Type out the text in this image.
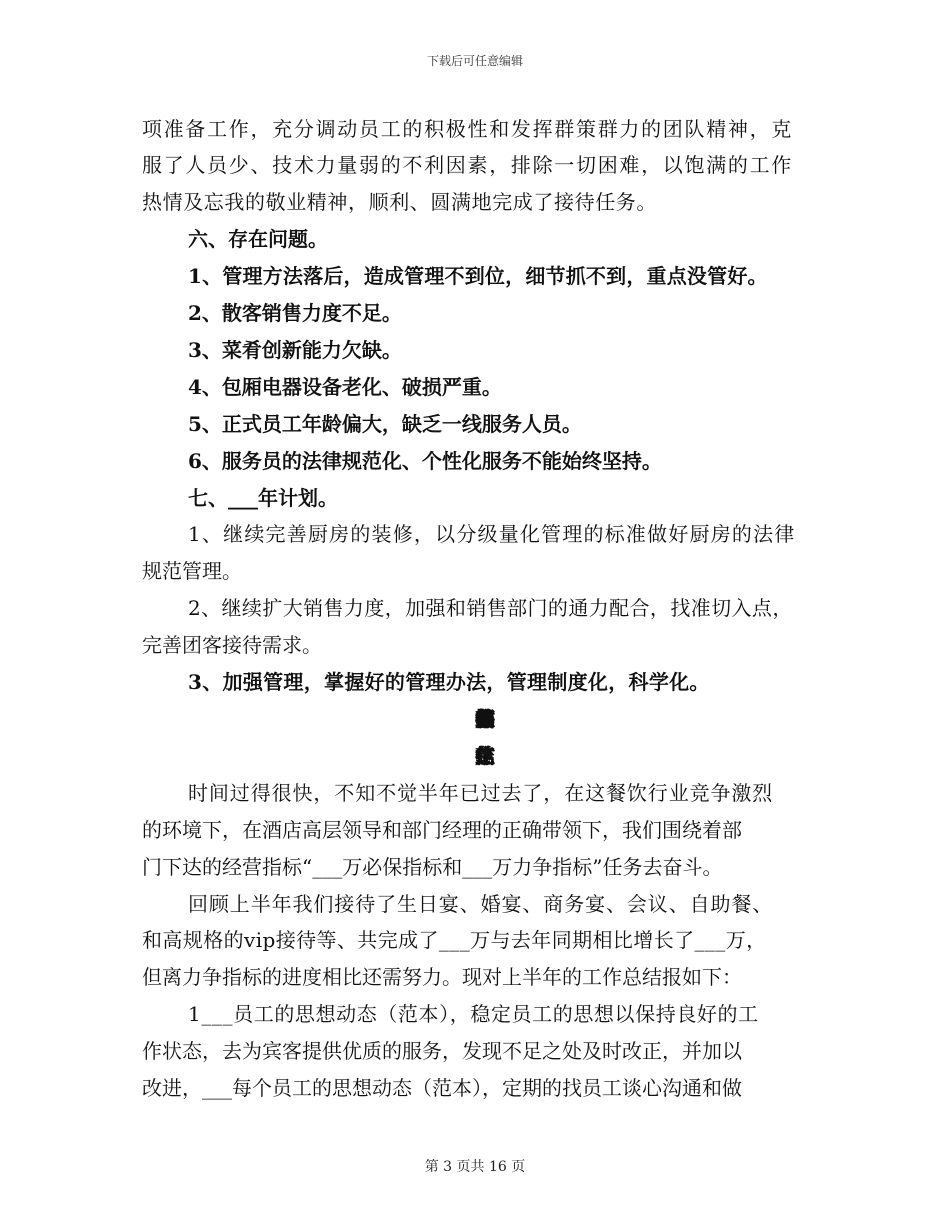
下载后可任意编辑
项准备工作，充分调动员工的积极性和发挥群策群力的团队精神，克
服了人员少、技术力量弱的不利因素，排除一切困难，以饱满的工作
热情及忘我的敬业精神，顺利、圆满地完成了接待任务。
六、存在问题。
1、管理方法落后，造成管理不到位，细节抓不到，重点没管好。
2、散客销售力度不足。
3、菜肴创新能力欠缺。
4、包厢电器设备老化、破损严重。
5、正式员工年龄偏大，缺乏一线服务人员。
6、服务员的法律规范化、个性化服务不能始终坚持。
七、___年计划。
1、继续完善厨房的装修，以分级量化管理的标准做好厨房的法律
规范管理。
2、继续扩大销售力度，加强和销售部门的通力配合，找准切入点，
完善团客接待需求。
3、加强管理，掌握好的管理办法，管理制度化，科学化。
时间过得很快，不知不觉半年已过去了，在这餐饮行业竞争激烈
的环境下，在酒店高层领导和部门经理的正确带领下，我们围绕着部
门下达的经营指标“___万必保指标和___万力争指标”任务去奋斗。
回顾上半年我们接待了生日宴、婚宴、商务宴、会议、自助餐、
和高规格的vip接待等、共完成了___万与去年同期相比增长了___万，
但离力争指标的进度相比还需努力。现对上半年的工作总结报如下：
1___员工的思想动态（范本），稳定员工的思想以保持良好的工
作状态，去为宾客提供优质的服务，发现不足之处及时改正，并加以
改进，___每个员工的思想动态（范本），定期的找员工谈心沟通和做
第 3 页共 16 页
